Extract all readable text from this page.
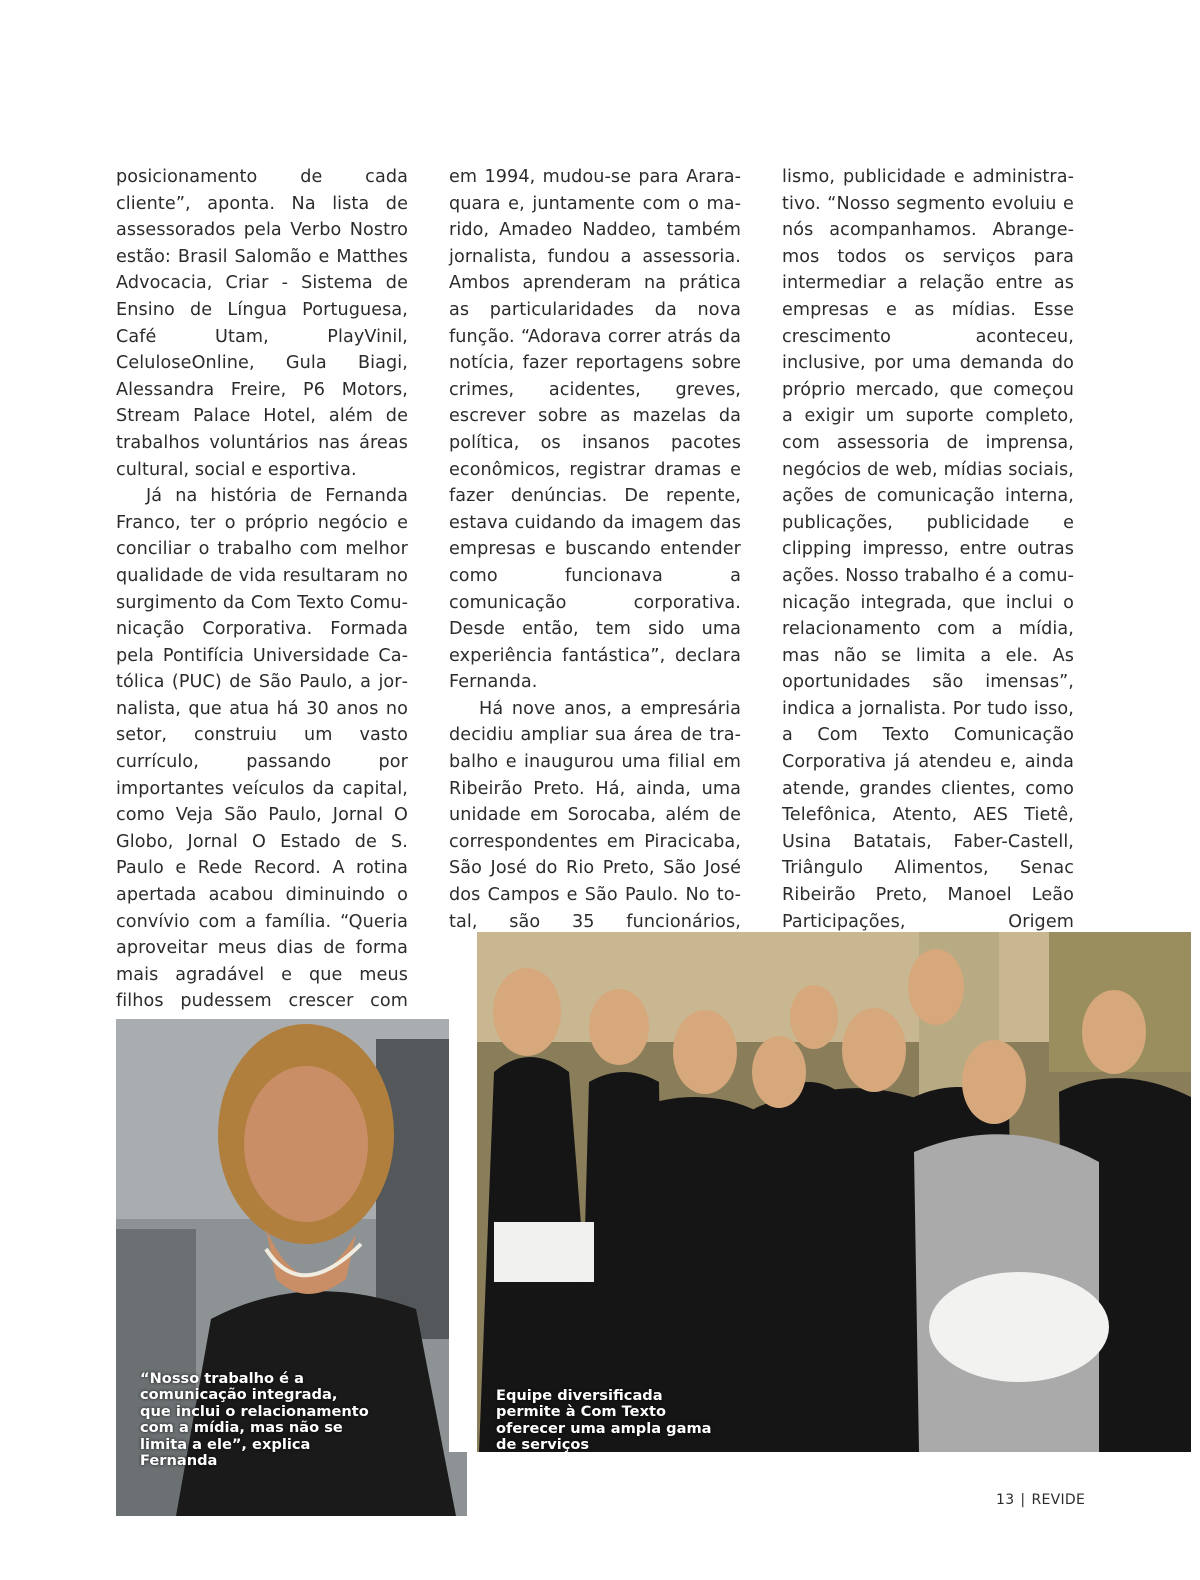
posicionamento de cada cliente”, aponta. Na lista de assessorados pela Verbo Nostro estão: Brasil Salomão e Matthes Advocacia, Criar - Sistema de Ensino de Língua Portuguesa, Café Utam, PlayVinil, CeluloseOnline, Gula Biagi, Alessandra Freire, P6 Motors, Stream Palace Hotel, além de trabalhos voluntários nas áreas cultural, social e esportiva.

Já na história de Fernanda Franco, ter o próprio negócio e conciliar o trabalho com melhor qualidade de vida resultaram no surgimento da Com Texto Comunicação Corporativa. Formada pela Pontifícia Universidade Católica (PUC) de São Paulo, a jornalista, que atua há 30 anos no setor, construiu um vasto currículo, passando por importantes veículos da capital, como Veja São Paulo, Jornal O Globo, Jornal O Estado de S. Paulo e Rede Record. A rotina apertada acabou diminuindo o convívio com a família. “Queria aproveitar meus dias de forma mais agradável e que meus filhos pudessem crescer com

em 1994, mudou-se para Araraquara e, juntamente com o marido, Amadeo Naddeo, também jornalista, fundou a assessoria. Ambos aprenderam na prática as particularidades da nova função. “Adorava correr atrás da notícia, fazer reportagens sobre crimes, acidentes, greves, escrever sobre as mazelas da política, os insanos pacotes econômicos, registrar dramas e fazer denúncias. De repente, estava cuidando da imagem das empresas e buscando entender como funcionava a comunicação corporativa. Desde então, tem sido uma experiência fantástica”, declara Fernanda.

Há nove anos, a empresária decidiu ampliar sua área de trabalho e inaugurou uma filial em Ribeirão Preto. Há, ainda, uma unidade em Sorocaba, além de correspondentes em Piracicaba, São José do Rio Preto, São José dos Campos e São Paulo. No total, são 35 funcionários,

lismo, publicidade e administrativo. “Nosso segmento evoluiu e nós acompanhamos. Abrangemos todos os serviços para intermediar a relação entre as empresas e as mídias. Esse crescimento aconteceu, inclusive, por uma demanda do próprio mercado, que começou a exigir um suporte completo, com assessoria de imprensa, negócios de web, mídias sociais, ações de comunicação interna, publicações, publicidade e clipping impresso, entre outras ações. Nosso trabalho é a comunicação integrada, que inclui o relacionamento com a mídia, mas não se limita a ele. As oportunidades são imensas”, indica a jornalista. Por tudo isso, a Com Texto Comunicação Corporativa já atendeu e, ainda atende, grandes clientes, como Telefônica, Atento, AES Tietê, Usina Batatais, Faber-Castell, Triângulo Alimentos, Senac Ribeirão Preto, Manoel Leão Participações, Origem

“Nosso trabalho é a comunicação integrada, que inclui o relacionamento com a mídia, mas não se limita a ele”, explica Fernanda
Equipe diversificada permite à Com Texto oferecer uma ampla gama de serviços
13 | REVIDE
